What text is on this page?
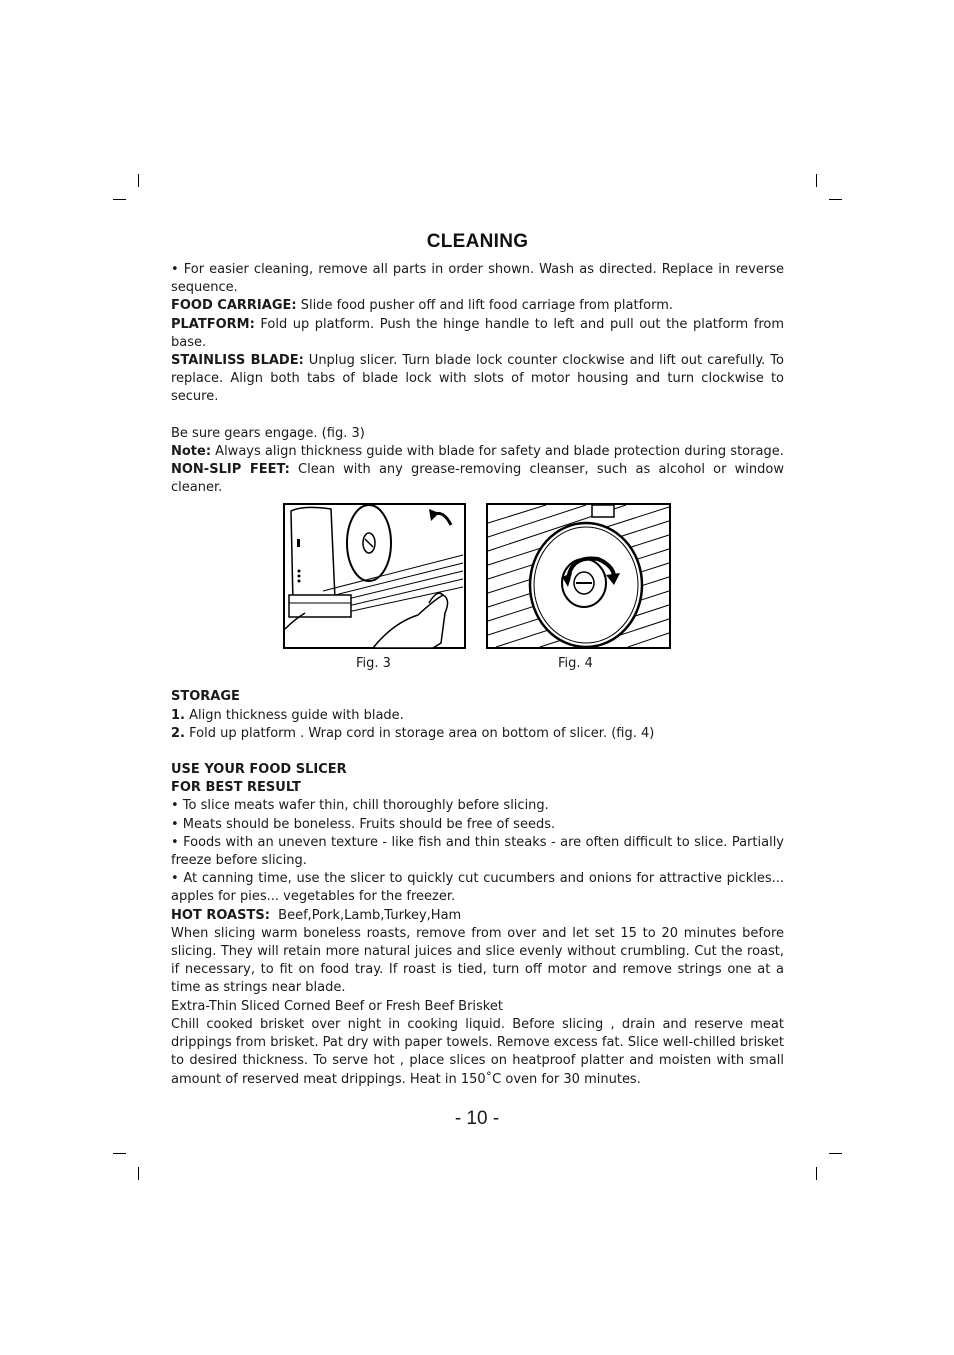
CLEANING

• For easier cleaning, remove all parts in order shown. Wash as directed. Replace in reverse sequence.

FOOD CARRIAGE: Slide food pusher off and lift food carriage from platform.

PLATFORM: Fold up platform. Push the hinge handle to left and pull out the platform from base.

STAINLISS BLADE: Unplug slicer. Turn blade lock counter clockwise and lift out carefully. To replace. Align both tabs of blade lock with slots of motor housing and turn clockwise to secure.

Be sure gears engage. (fig. 3)

Note: Always align thickness guide with blade for safety and blade protection during storage.

NON-SLIP FEET: Clean with any grease-removing cleanser, such as alcohol or window cleaner.

Fig. 3	Fig. 4

STORAGE

1. Align thickness guide with blade.

2. Fold up platform . Wrap cord in storage area on bottom of slicer. (fig. 4)

USE YOUR FOOD SLICER

FOR BEST RESULT

• To slice meats wafer thin, chill thoroughly before slicing.

• Meats should be boneless. Fruits should be free of seeds.

• Foods with an uneven texture - like fish and thin steaks - are often difficult to slice. Partially freeze before slicing.

• At canning time, use the slicer to quickly cut cucumbers and onions for attractive pickles... apples for pies... vegetables for the freezer.

HOT ROASTS:  Beef,Pork,Lamb,Turkey,Ham

When slicing warm boneless roasts, remove from over and let set 15 to 20 minutes before slicing. They will retain more natural juices and slice evenly without crumbling. Cut the roast, if necessary, to fit on food tray. If roast is tied, turn off motor and remove strings one at a time as strings near blade.

Extra-Thin Sliced Corned Beef or Fresh Beef Brisket

Chill cooked brisket over night in cooking liquid. Before slicing , drain and reserve meat drippings from brisket. Pat dry with paper towels. Remove excess fat. Slice well-chilled brisket to desired thickness. To serve hot , place slices on heatproof platter and moisten with small amount of reserved meat drippings. Heat in 150˚C oven for 30 minutes.

- 10 -
